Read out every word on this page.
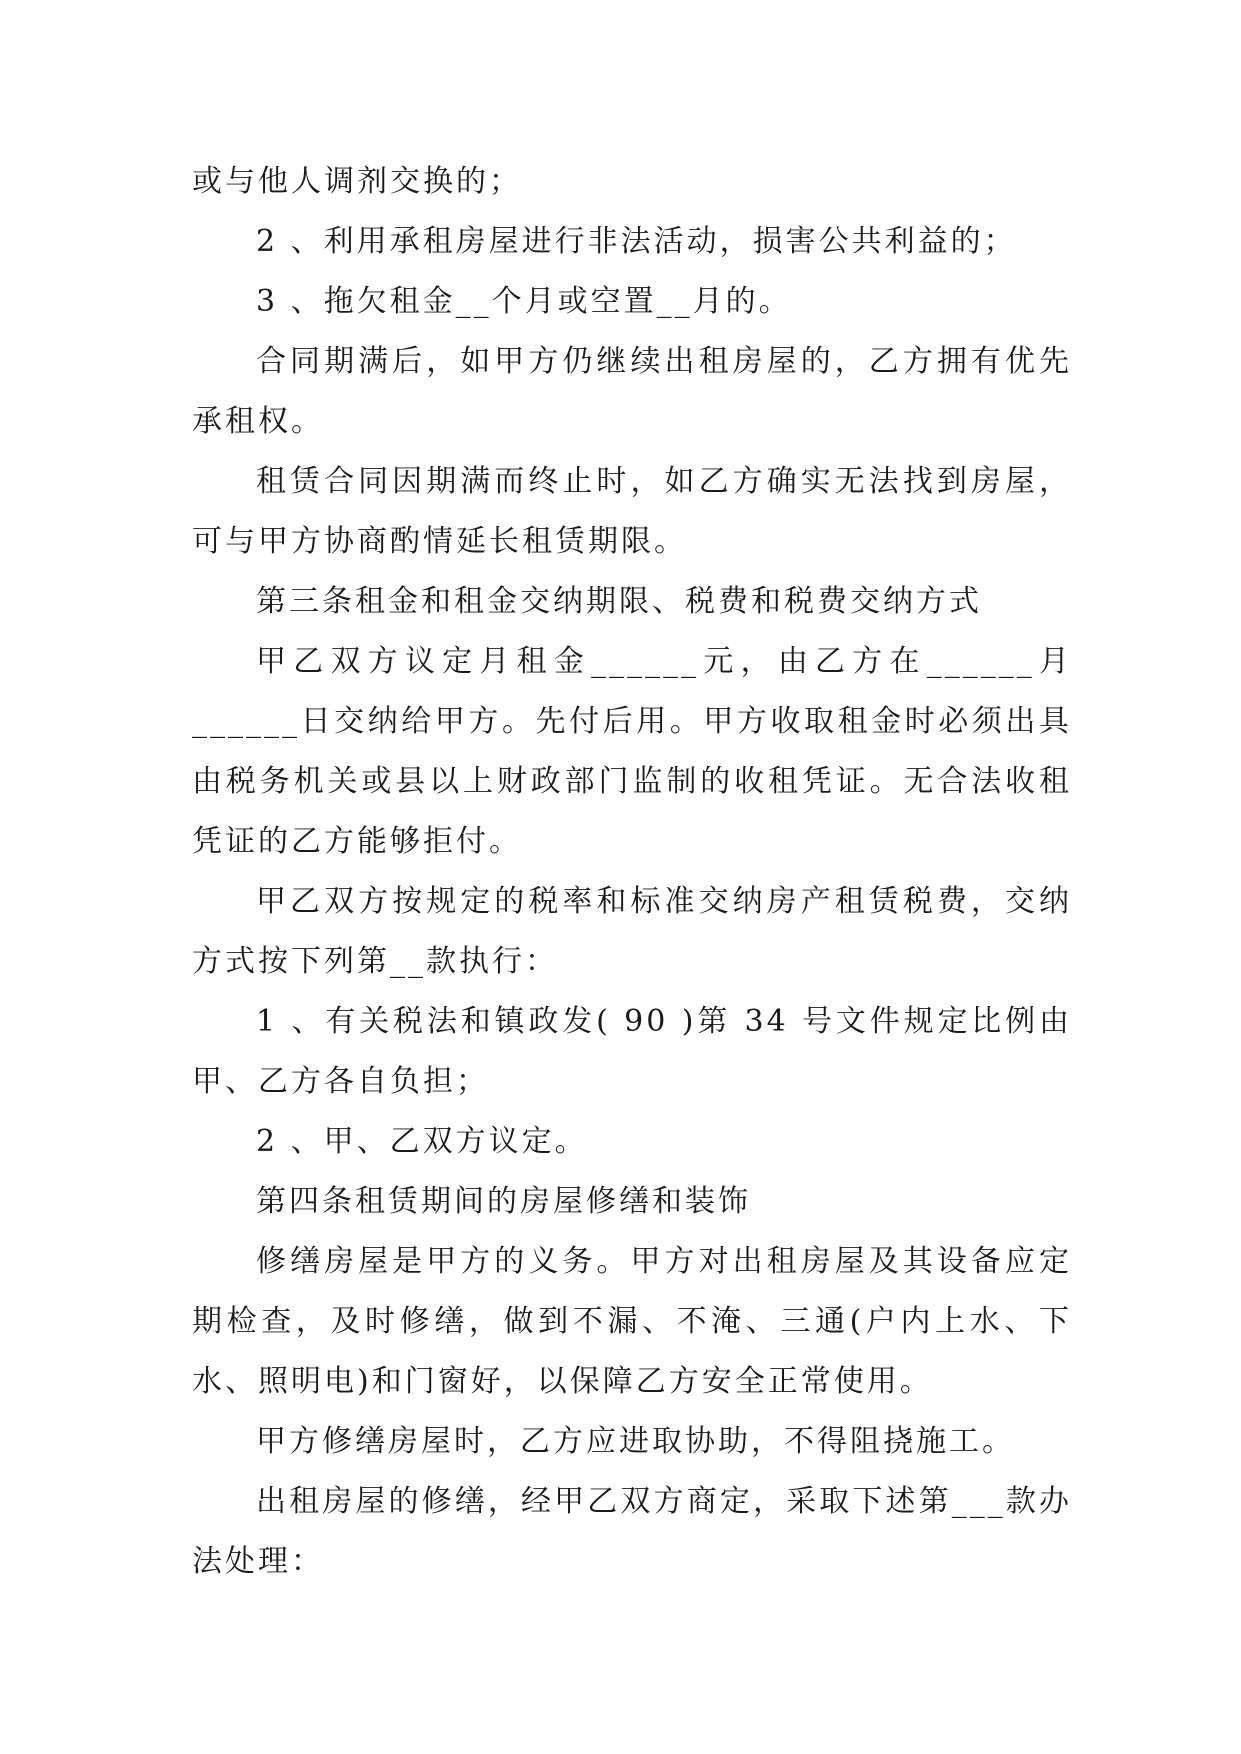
或与他人调剂交换的；

2 、利用承租房屋进行非法活动，损害公共利益的；

3 、拖欠租金__个月或空置__月的。

合同期满后，如甲方仍继续出租房屋的，乙方拥有优先承租权。

租赁合同因期满而终止时，如乙方确实无法找到房屋，可与甲方协商酌情延长租赁期限。

第三条租金和租金交纳期限、税费和税费交纳方式

甲乙双方议定月租金______元，由乙方在______月______日交纳给甲方。先付后用。甲方收取租金时必须出具由税务机关或县以上财政部门监制的收租凭证。无合法收租凭证的乙方能够拒付。

甲乙双方按规定的税率和标准交纳房产租赁税费，交纳方式按下列第__款执行：

1 、有关税法和镇政发( 90 )第 34 号文件规定比例由甲、乙方各自负担；

2 、甲、乙双方议定。

第四条租赁期间的房屋修缮和装饰

修缮房屋是甲方的义务。甲方对出租房屋及其设备应定期检查，及时修缮，做到不漏、不淹、三通(户内上水、下水、照明电)和门窗好，以保障乙方安全正常使用。

甲方修缮房屋时，乙方应进取协助，不得阻挠施工。

出租房屋的修缮，经甲乙双方商定，采取下述第___款办法处理：
